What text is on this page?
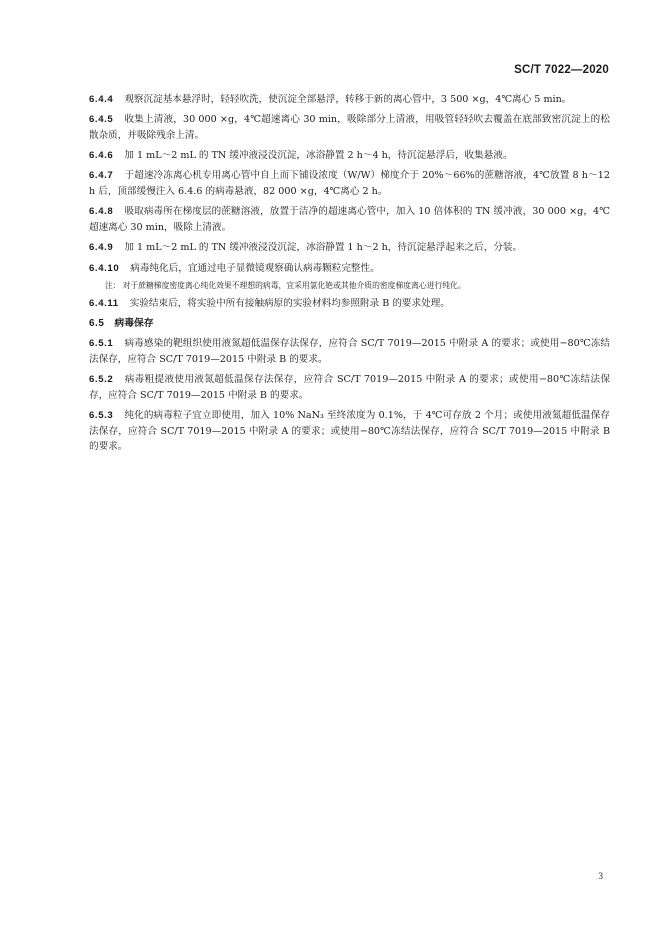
SC/T 7022—2020
6.4.4 观察沉淀基本悬浮时，轻轻吹洗，使沉淀全部悬浮，转移于新的离心管中，3 500 ×g，4℃离心 5 min。
6.4.5 收集上清液，30 000 ×g，4℃超速离心 30 min，吸除部分上清液，用吸管轻轻吹去覆盖在底部致密沉淀上的松散杂质，并吸除残余上清。
6.4.6 加 1 mL～2 mL 的 TN 缓冲液浸没沉淀，冰浴静置 2 h～4 h，待沉淀悬浮后，收集悬液。
6.4.7 于超速冷冻离心机专用离心管中自上而下铺设浓度（W/W）梯度介于 20%～66%的蔗糖溶液，4℃放置 8 h～12 h 后，顶部缓慢注入 6.4.6 的病毒悬液，82 000 ×g，4℃离心 2 h。
6.4.8 吸取病毒所在梯度层的蔗糖溶液，放置于洁净的超速离心管中，加入 10 倍体积的 TN 缓冲液，30 000 ×g，4℃超速离心 30 min，吸除上清液。
6.4.9 加 1 mL～2 mL 的 TN 缓冲液浸没沉淀，冰浴静置 1 h～2 h，待沉淀悬浮起来之后，分装。
6.4.10 病毒纯化后，宜通过电子显微镜观察确认病毒颗粒完整性。
注： 对于蔗糖梯度密度离心纯化效果不理想的病毒，宜采用氯化铯或其他介质的密度梯度离心进行纯化。
6.4.11 实验结束后，将实验中所有接触病原的实验材料均参照附录 B 的要求处理。
6.5 病毒保存
6.5.1 病毒感染的靶组织使用液氮超低温保存法保存，应符合 SC/T 7019—2015 中附录 A 的要求；或使用−80℃冻结法保存，应符合 SC/T 7019—2015 中附录 B 的要求。
6.5.2 病毒粗提液使用液氮超低温保存法保存，应符合 SC/T 7019—2015 中附录 A 的要求；或使用−80℃冻结法保存，应符合 SC/T 7019—2015 中附录 B 的要求。
6.5.3 纯化的病毒粒子宜立即使用，加入 10% NaN₃ 至终浓度为 0.1%，于 4℃可存放 2 个月；或使用液氮超低温保存法保存，应符合 SC/T 7019—2015 中附录 A 的要求；或使用−80℃冻结法保存，应符合 SC/T 7019—2015 中附录 B 的要求。
3
